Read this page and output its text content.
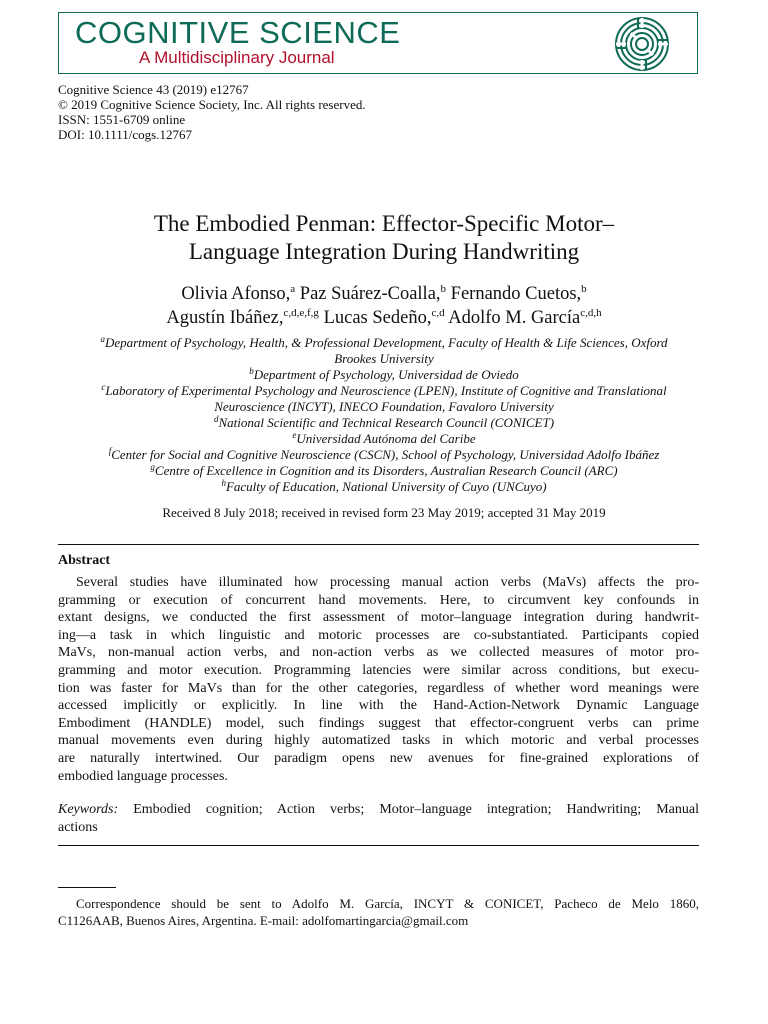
COGNITIVE SCIENCE
A Multidisciplinary Journal
Cognitive Science 43 (2019) e12767
© 2019 Cognitive Science Society, Inc. All rights reserved.
ISSN: 1551-6709 online
DOI: 10.1111/cogs.12767
The Embodied Penman: Effector-Specific Motor–
Language Integration During Handwriting
Olivia Afonso,$^a$ Paz Suárez-Coalla,$^b$ Fernando Cuetos,$^b$
Agustín Ibáñez,$^{c,d,e,f,g}$ Lucas Sedeño,$^{c,d}$ Adolfo M. García$^{c,d,h}$
$^a$Department of Psychology, Health, & Professional Development, Faculty of Health & Life Sciences, Oxford
Brookes University
$^b$Department of Psychology, Universidad de Oviedo
$^c$Laboratory of Experimental Psychology and Neuroscience (LPEN), Institute of Cognitive and Translational
Neuroscience (INCYT), INECO Foundation, Favaloro University
$^d$National Scientific and Technical Research Council (CONICET)
$^e$Universidad Autónoma del Caribe
$^f$Center for Social and Cognitive Neuroscience (CSCN), School of Psychology, Universidad Adolfo Ibáñez
$^g$Centre of Excellence in Cognition and its Disorders, Australian Research Council (ARC)
$^h$Faculty of Education, National University of Cuyo (UNCuyo)
Received 8 July 2018; received in revised form 23 May 2019; accepted 31 May 2019
Abstract
Several studies have illuminated how processing manual action verbs (MaVs) affects the pro-
gramming or execution of concurrent hand movements. Here, to circumvent key confounds in
extant designs, we conducted the first assessment of motor–language integration during handwrit-
ing—a task in which linguistic and motoric processes are co-substantiated. Participants copied
MaVs, non-manual action verbs, and non-action verbs as we collected measures of motor pro-
gramming and motor execution. Programming latencies were similar across conditions, but execu-
tion was faster for MaVs than for the other categories, regardless of whether word meanings were
accessed implicitly or explicitly. In line with the Hand-Action-Network Dynamic Language
Embodiment (HANDLE) model, such findings suggest that effector-congruent verbs can prime
manual movements even during highly automatized tasks in which motoric and verbal processes
are naturally intertwined. Our paradigm opens new avenues for fine-grained explorations of
embodied language processes.
Keywords: Embodied cognition; Action verbs; Motor–language integration; Handwriting; Manual
actions
Correspondence should be sent to Adolfo M. García, INCYT & CONICET, Pacheco de Melo 1860,
C1126AAB, Buenos Aires, Argentina. E-mail: adolfomartingarcia@gmail.com
